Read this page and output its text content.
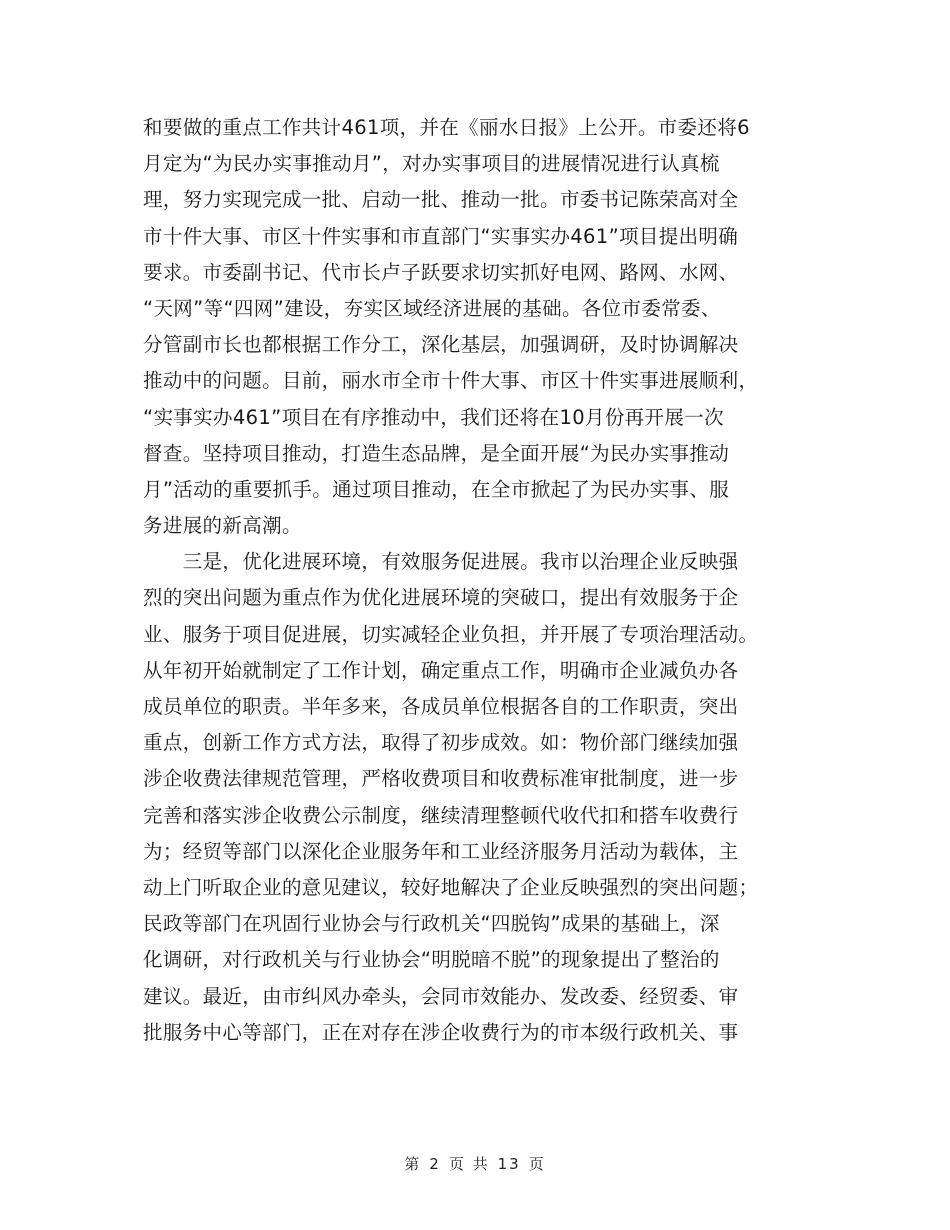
和要做的重点工作共计461项，并在《丽水日报》上公开。市委还将6
月定为“为民办实事推动月”，对办实事项目的进展情况进行认真梳
理，努力实现完成一批、启动一批、推动一批。市委书记陈荣高对全
市十件大事、市区十件实事和市直部门“实事实办461”项目提出明确
要求。市委副书记、代市长卢子跃要求切实抓好电网、路网、水网、
“天网”等“四网”建设，夯实区域经济进展的基础。各位市委常委、
分管副市长也都根据工作分工，深化基层，加强调研，及时协调解决
推动中的问题。目前，丽水市全市十件大事、市区十件实事进展顺利，
“实事实办461”项目在有序推动中，我们还将在10月份再开展一次
督查。坚持项目推动，打造生态品牌，是全面开展“为民办实事推动
月”活动的重要抓手。通过项目推动，在全市掀起了为民办实事、服
务进展的新高潮。
　　三是，优化进展环境，有效服务促进展。我市以治理企业反映强
烈的突出问题为重点作为优化进展环境的突破口，提出有效服务于企
业、服务于项目促进展，切实减轻企业负担，并开展了专项治理活动。
从年初开始就制定了工作计划，确定重点工作，明确市企业减负办各
成员单位的职责。半年多来，各成员单位根据各自的工作职责，突出
重点，创新工作方式方法，取得了初步成效。如：物价部门继续加强
涉企收费法律规范管理，严格收费项目和收费标准审批制度，进一步
完善和落实涉企收费公示制度，继续清理整顿代收代扣和搭车收费行
为；经贸等部门以深化企业服务年和工业经济服务月活动为载体，主
动上门听取企业的意见建议，较好地解决了企业反映强烈的突出问题；
民政等部门在巩固行业协会与行政机关“四脱钩”成果的基础上，深
化调研，对行政机关与行业协会“明脱暗不脱”的现象提出了整治的
建议。最近，由市纠风办牵头，会同市效能办、发改委、经贸委、审
批服务中心等部门，正在对存在涉企收费行为的市本级行政机关、事
第 2 页 共 13 页
